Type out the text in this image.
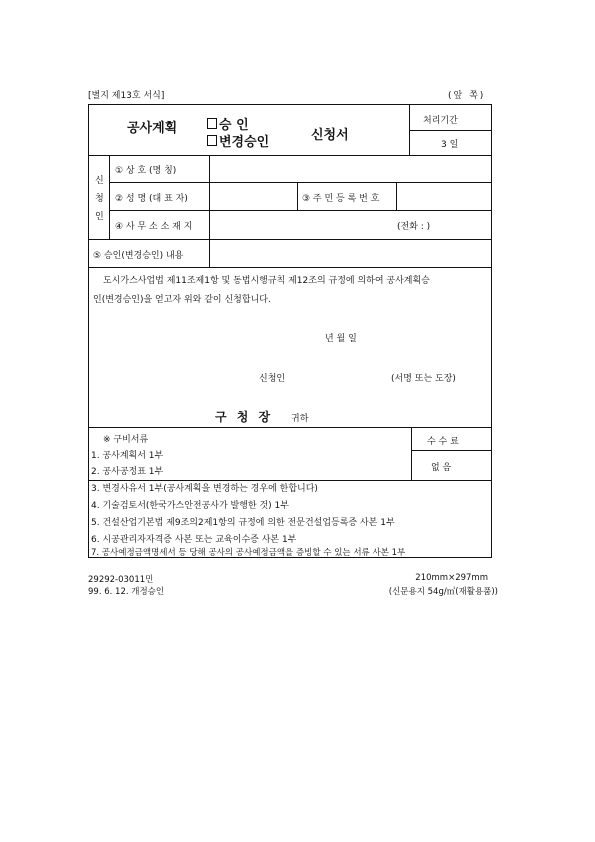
[별지 제13호 서식]	(앞 쪽)
공사계획	승 인
변경승인	신청서
처리기간
3 일
신
청
인
① 상 호 (명 칭)
② 성 명 (대 표 자)	③ 주 민 등 록 번 호
④ 사 무 소 소 재 지	(전화 : )
⑤ 승인(변경승인) 내용
도시가스사업법 제11조제1항 및 동법시행규칙 제12조의 규정에 의하여 공사계획승
인(변경승인)을 얻고자 위와 같이 신청합니다.
년 월 일
신청인	(서명 또는 도장)
구 청 장 귀하
※ 구비서류
1. 공사계획서 1부
2. 공사공정표 1부
3. 변경사유서 1부(공사계획을 변경하는 경우에 한합니다)
4. 기술검토서(한국가스안전공사가 발행한 것) 1부
5. 건설산업기본법 제9조의2제1항의 규정에 의한 전문건설업등록증 사본 1부
6. 시공관리자자격증 사본 또는 교육이수증 사본 1부
7. 공사예정금액명세서 등 당해 공사의 공사예정금액을 증빙할 수 있는 서류 사본 1부
수 수 료
없 음
29292-03011민
99. 6. 12. 개정승인
210mm×297mm
(신문용지 54g/㎡(재활용품))
